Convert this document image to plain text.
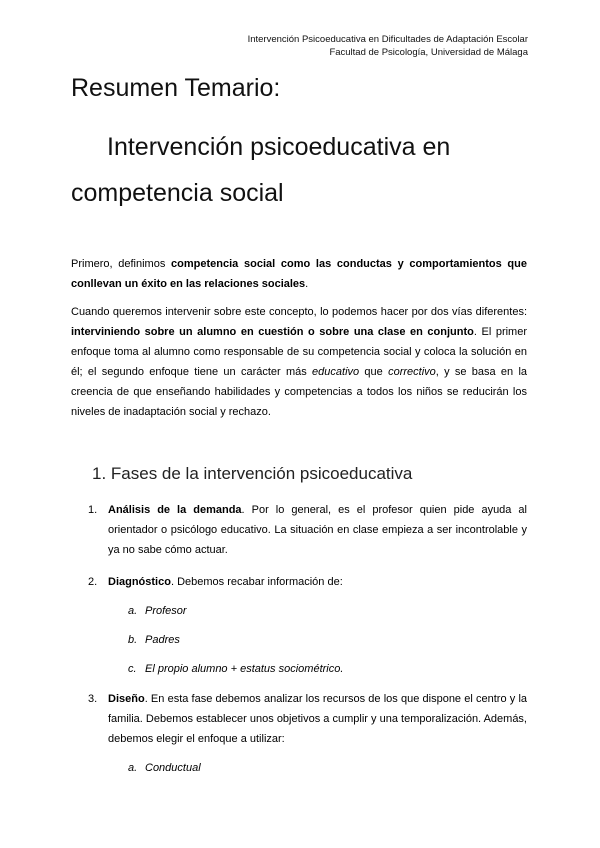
Intervención Psicoeducativa en Dificultades de Adaptación Escolar
Facultad de Psicología, Universidad de Málaga
Resumen Temario:
Intervención psicoeducativa en competencia social

Primero, definimos competencia social como las conductas y comportamientos que conllevan un éxito en las relaciones sociales.

Cuando queremos intervenir sobre este concepto, lo podemos hacer por dos vías diferentes: interviniendo sobre un alumno en cuestión o sobre una clase en conjunto. El primer enfoque toma al alumno como responsable de su competencia social y coloca la solución en él; el segundo enfoque tiene un carácter más educativo que correctivo, y se basa en la creencia de que enseñando habilidades y competencias a todos los niños se reducirán los niveles de inadaptación social y rechazo.

1. Fases de la intervención psicoeducativa
1. Análisis de la demanda. Por lo general, es el profesor quien pide ayuda al orientador o psicólogo educativo. La situación en clase empieza a ser incontrolable y ya no sabe cómo actuar.
2. Diagnóstico. Debemos recabar información de:
a. Profesor
b. Padres
c. El propio alumno + estatus sociométrico.
3. Diseño. En esta fase debemos analizar los recursos de los que dispone el centro y la familia. Debemos establecer unos objetivos a cumplir y una temporalización. Además, debemos elegir el enfoque a utilizar:
a. Conductual
